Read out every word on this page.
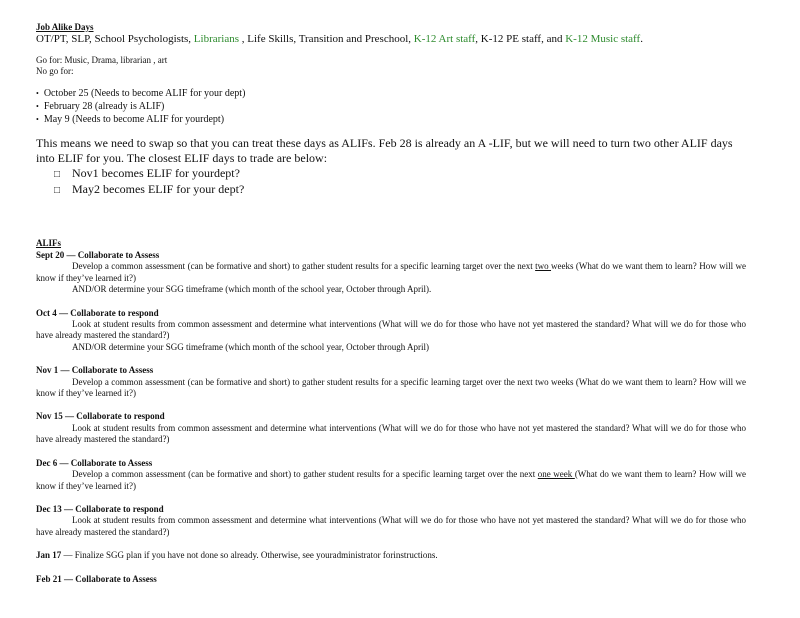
Job Alike Days

OT/PT, SLP, School Psychologists, Librarians , Life Skills, Transition and Preschool, K-12 Art staff, K-12 PE staff, and K-12 Music staff.

Go for: Music, Drama, librarian , art

No go for:

• October 25 (Needs to become ALIF for your dept)
• February 28 (already is ALIF)
• May 9 (Needs to become ALIF for yourdept)

This means we need to swap so that you can treat these days as ALIFs. Feb 28 is already an A -LIF, but we will need to turn two other ALIF days into ELIF for you. The closest ELIF days to trade are below:

□ Nov1 becomes ELIF for yourdept?
□ May2 becomes ELIF for your dept?

ALIFs

Sept 20 — Collaborate to Assess

Develop a common assessment (can be formative and short) to gather student results for a specific learning target over the next two weeks (What do we want them to learn? How will we know if they’ve learned it?)

AND/OR determine your SGG timeframe (which month of the school year, October through April).

Oct 4 — Collaborate to respond

Look at student results from common assessment and determine what interventions (What will we do for those who have not yet mastered the standard? What will we do for those who have already mastered the standard?)

AND/OR determine your SGG timeframe (which month of the school year, October through April)

Nov 1 — Collaborate to Assess

Develop a common assessment (can be formative and short) to gather student results for a specific learning target over the next two weeks (What do we want them to learn? How will we know if they’ve learned it?)

Nov 15 — Collaborate to respond

Look at student results from common assessment and determine what interventions (What will we do for those who have not yet mastered the standard? What will we do for those who have already mastered the standard?)

Dec 6 — Collaborate to Assess

Develop a common assessment (can be formative and short) to gather student results for a specific learning target over the next one week (What do we want them to learn? How will we know if they’ve learned it?)

Dec 13 — Collaborate to respond

Look at student results from common assessment and determine what interventions (What will we do for those who have not yet mastered the standard? What will we do for those who have already mastered the standard?)

Jan 17 — Finalize SGG plan if you have not done so already. Otherwise, see youradministrator forinstructions.

Feb 21 — Collaborate to Assess
